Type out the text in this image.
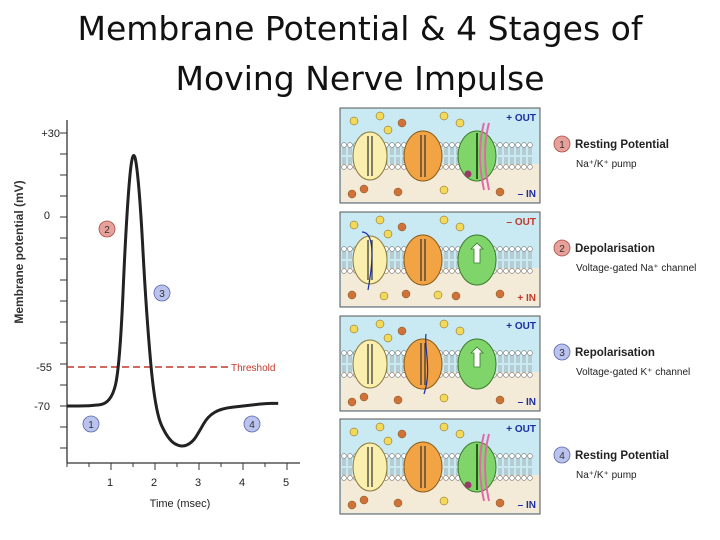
Membrane Potential & 4 Stages of
Moving Nerve Impulse
+30
0
-55
-70
Membrane potential (mV)
Time (msec)
1	2	3	4	5
Threshold
1
2
3
4
+ OUT
– IN
1 Resting Potential
Na⁺/K⁺ pump
– OUT
+ IN
2 Depolarisation
Voltage-gated Na⁺ channel
+ OUT
– IN
3 Repolarisation
Voltage-gated K⁺ channel
+ OUT
– IN
4 Resting Potential
Na⁺/K⁺ pump
